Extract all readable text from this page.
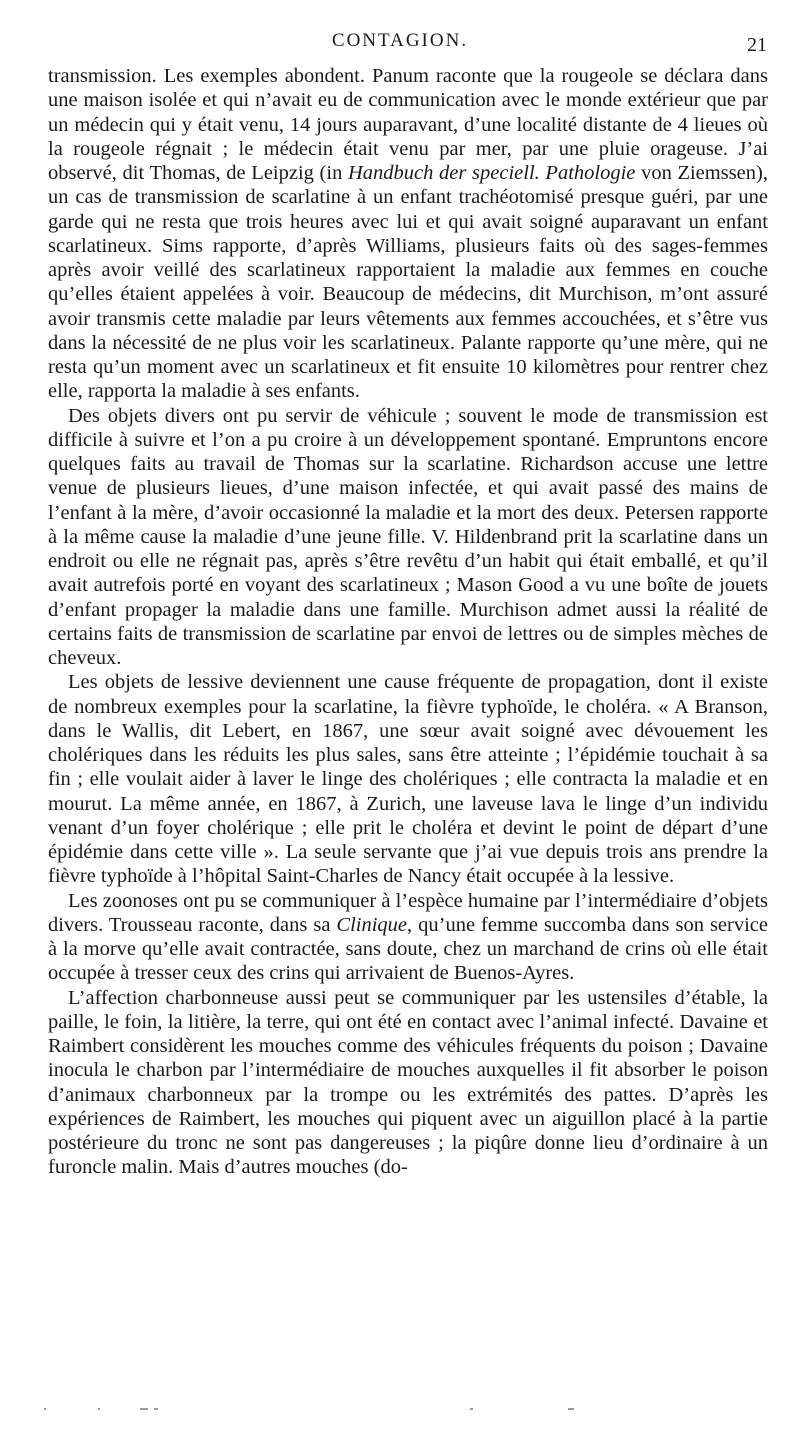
CONTAGION.	21

transmission. Les exemples abondent. Panum raconte que la rougeole se déclara dans une maison isolée et qui n’avait eu de communication avec le monde extérieur que par un médecin qui y était venu, 14 jours auparavant, d’une localité distante de 4 lieues où la rougeole régnait ; le médecin était venu par mer, par une pluie orageuse. J’ai observé, dit Thomas, de Leipzig (in Handbuch der speciell. Pathologie von Ziemssen), un cas de transmission de scarlatine à un enfant trachéotomisé presque guéri, par une garde qui ne resta que trois heures avec lui et qui avait soigné auparavant un enfant scarlatineux. Sims rapporte, d’après Williams, plusieurs faits où des sages-femmes après avoir veillé des scarlatineux rapportaient la maladie aux femmes en couche qu’elles étaient appelées à voir. Beaucoup de médecins, dit Murchison, m’ont assuré avoir transmis cette maladie par leurs vêtements aux femmes accouchées, et s’être vus dans la nécessité de ne plus voir les scarlatineux. Palante rapporte qu’une mère, qui ne resta qu’un moment avec un scarlatineux et fit ensuite 10 kilomètres pour rentrer chez elle, rapporta la maladie à ses enfants.

Des objets divers ont pu servir de véhicule ; souvent le mode de transmission est difficile à suivre et l’on a pu croire à un développement spontané. Empruntons encore quelques faits au travail de Thomas sur la scarlatine. Richardson accuse une lettre venue de plusieurs lieues, d’une maison infectée, et qui avait passé des mains de l’enfant à la mère, d’avoir occasionné la maladie et la mort des deux. Petersen rapporte à la même cause la maladie d’une jeune fille. V. Hildenbrand prit la scarlatine dans un endroit ou elle ne régnait pas, après s’être revêtu d’un habit qui était emballé, et qu’il avait autrefois porté en voyant des scarlatineux ; Mason Good a vu une boîte de jouets d’enfant propager la maladie dans une famille. Murchison admet aussi la réalité de certains faits de transmission de scarlatine par envoi de lettres ou de simples mèches de cheveux.

Les objets de lessive deviennent une cause fréquente de propagation, dont il existe de nombreux exemples pour la scarlatine, la fièvre typhoïde, le choléra. « A Branson, dans le Wallis, dit Lebert, en 1867, une sœur avait soigné avec dévouement les cholériques dans les réduits les plus sales, sans être atteinte ; l’épidémie touchait à sa fin ; elle voulait aider à laver le linge des cholériques ; elle contracta la maladie et en mourut. La même année, en 1867, à Zurich, une laveuse lava le linge d’un individu venant d’un foyer cholérique ; elle prit le choléra et devint le point de départ d’une épidémie dans cette ville ». La seule servante que j’ai vue depuis trois ans prendre la fièvre typhoïde à l’hôpital Saint-Charles de Nancy était occupée à la lessive.

Les zoonoses ont pu se communiquer à l’espèce humaine par l’intermédiaire d’objets divers. Trousseau raconte, dans sa Clinique, qu’une femme succomba dans son service à la morve qu’elle avait contractée, sans doute, chez un marchand de crins où elle était occupée à tresser ceux des crins qui arrivaient de Buenos-Ayres.

L’affection charbonneuse aussi peut se communiquer par les ustensiles d’étable, la paille, le foin, la litière, la terre, qui ont été en contact avec l’animal infecté. Davaine et Raimbert considèrent les mouches comme des véhicules fréquents du poison ; Davaine inocula le charbon par l’intermédiaire de mouches auxquelles il fit absorber le poison d’animaux charbonneux par la trompe ou les extrémités des pattes. D’après les expériences de Raimbert, les mouches qui piquent avec un aiguillon placé à la partie postérieure du tronc ne sont pas dangereuses ; la piqûre donne lieu d’ordinaire à un furoncle malin. Mais d’autres mouches (do-
